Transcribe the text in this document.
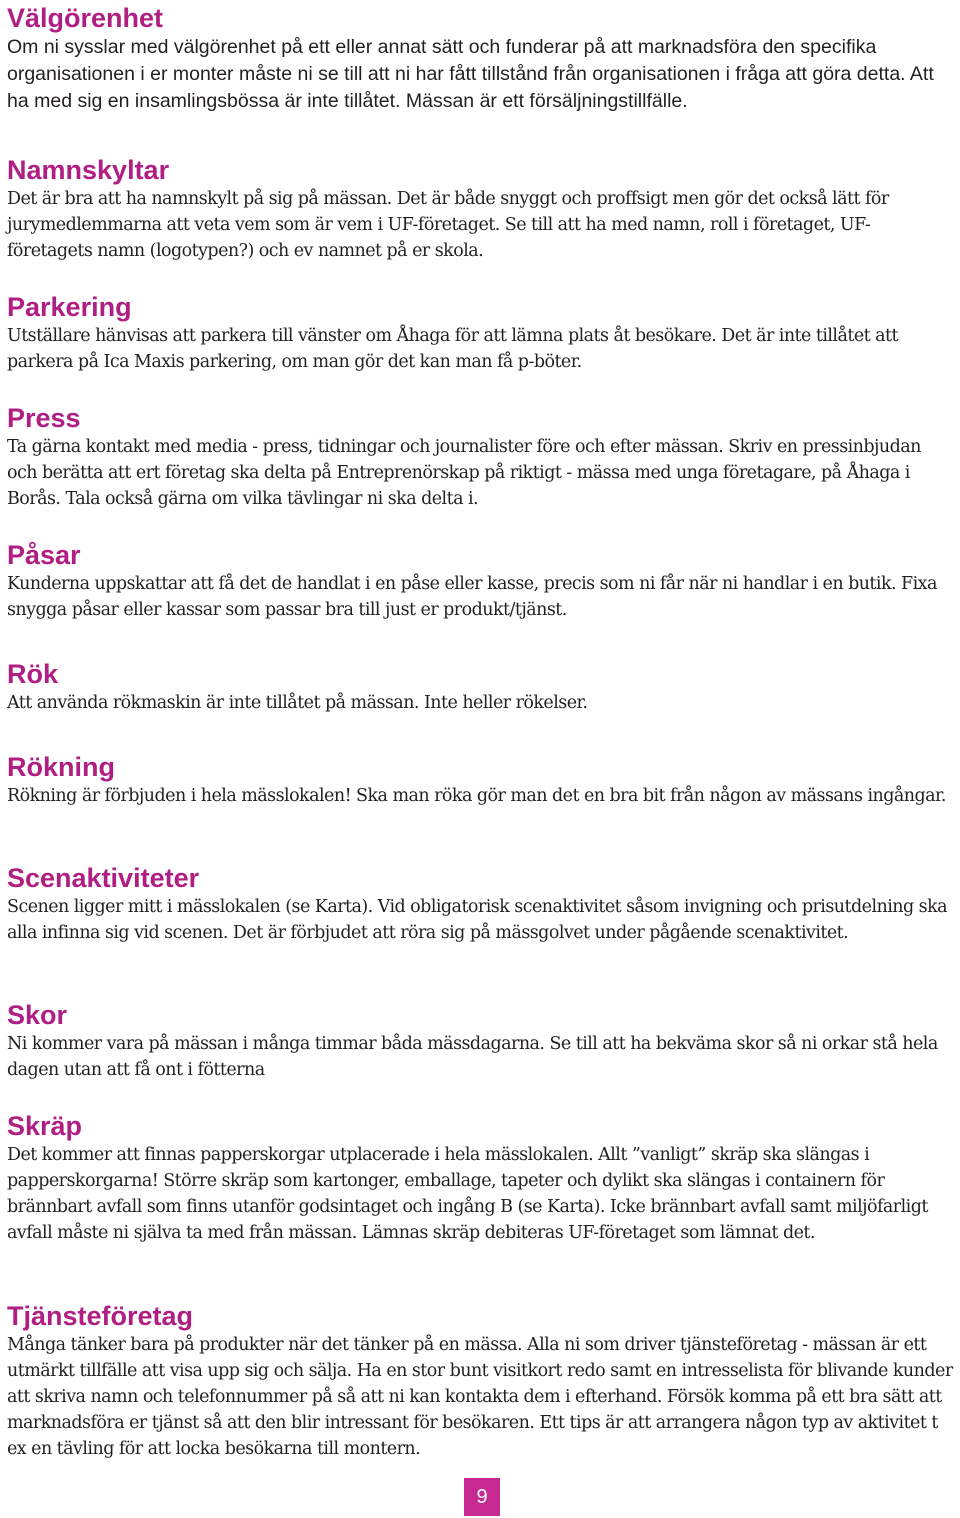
Välgörenhet

Om ni sysslar med välgörenhet på ett eller annat sätt och funderar på att marknadsföra den specifika organisationen i er monter måste ni se till att ni har fått tillstånd från organisationen i fråga att göra detta. Att ha med sig en insamlingsbössa är inte tillåtet. Mässan är ett försäljningstillfälle.

Namnskyltar

Det är bra att ha namnskylt på sig på mässan. Det är både snyggt och proffsigt men gör det också lätt för jurymedlemmarna att veta vem som är vem i UF-företaget. Se till att ha med namn, roll i företaget, UF-företagets namn (logotypen?) och ev namnet på er skola.

Parkering

Utställare hänvisas att parkera till vänster om Åhaga för att lämna plats åt besökare. Det är inte tillåtet att parkera på Ica Maxis parkering, om man gör det kan man få p-böter.

Press

Ta gärna kontakt med media - press, tidningar och journalister före och efter mässan. Skriv en pressinbjudan och berätta att ert företag ska delta på Entreprenörskap på riktigt - mässa med unga företagare, på Åhaga i Borås. Tala också gärna om vilka tävlingar ni ska delta i.

Påsar

Kunderna uppskattar att få det de handlat i en påse eller kasse, precis som ni får när ni handlar i en butik. Fixa snygga påsar eller kassar som passar bra till just er produkt/tjänst.

Rök

Att använda rökmaskin är inte tillåtet på mässan. Inte heller rökelser.

Rökning

Rökning är förbjuden i hela mässlokalen! Ska man röka gör man det en bra bit från någon av mässans ingångar.

Scenaktiviteter

Scenen ligger mitt i mässlokalen (se Karta). Vid obligatorisk scenaktivitet såsom invigning och prisutdelning ska alla infinna sig vid scenen. Det är förbjudet att röra sig på mässgolvet under pågående scenaktivitet.

Skor

Ni kommer vara på mässan i många timmar båda mässdagarna. Se till att ha bekväma skor så ni orkar stå hela dagen utan att få ont i fötterna

Skräp

Det kommer att finnas papperskorgar utplacerade i hela mässlokalen. Allt ”vanligt” skräp ska slängas i papperskorgarna! Större skräp som kartonger, emballage, tapeter och dylikt ska slängas i containern för brännbart avfall som finns utanför godsintaget och ingång B (se Karta). Icke brännbart avfall samt miljöfarligt avfall måste ni själva ta med från mässan. Lämnas skräp debiteras UF-företaget som lämnat det.

Tjänsteföretag

Många tänker bara på produkter när det tänker på en mässa. Alla ni som driver tjänsteföretag - mässan är ett utmärkt tillfälle att visa upp sig och sälja. Ha en stor bunt visitkort redo samt en intresselista för blivande kunder att skriva namn och telefonnummer på så att ni kan kontakta dem i efterhand. Försök komma på ett bra sätt att marknadsföra er tjänst så att den blir intressant för besökaren. Ett tips är att arrangera någon typ av aktivitet t ex en tävling för att locka besökarna till montern.

9
